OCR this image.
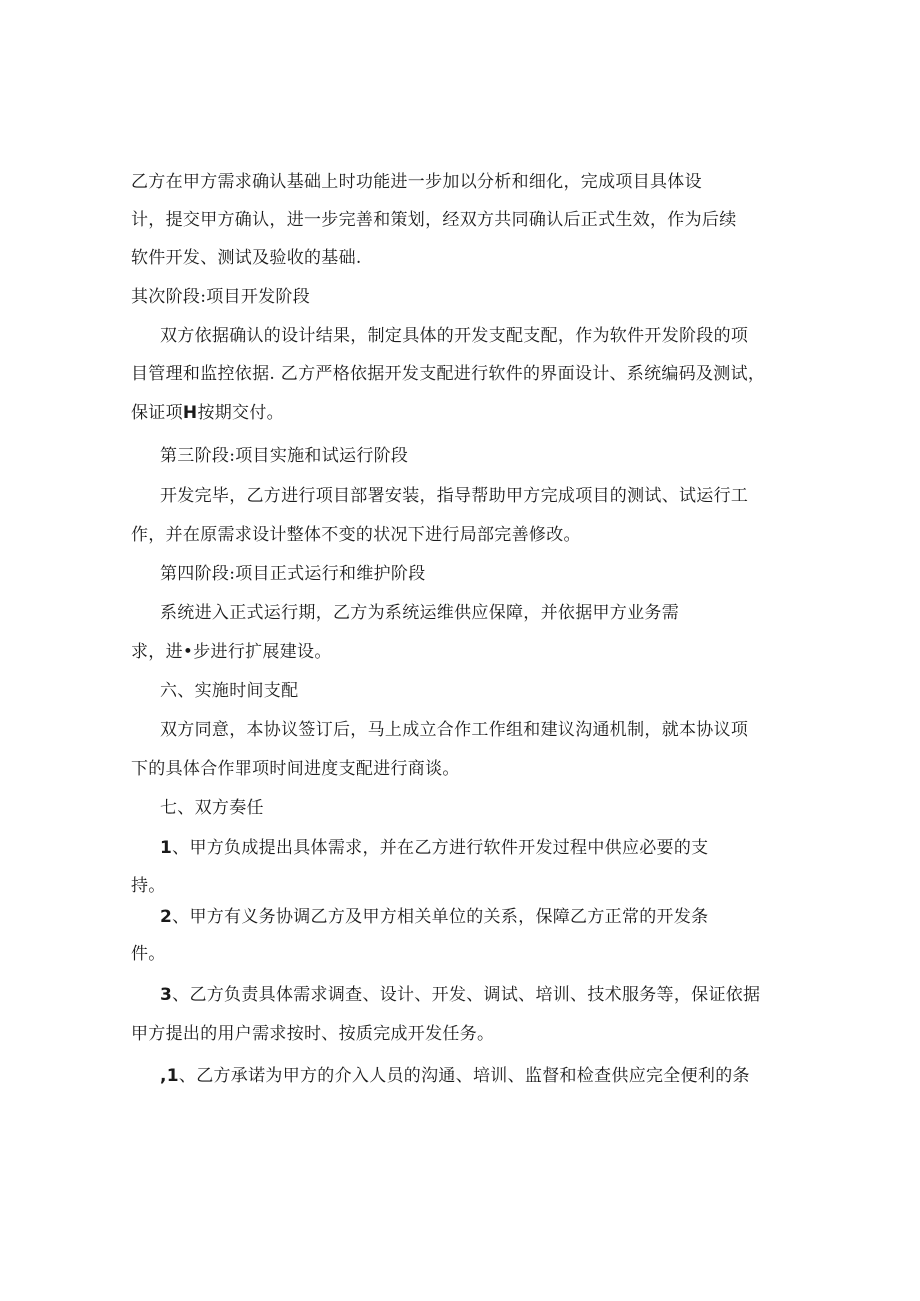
乙方在甲方需求确认基础上时功能进一步加以分析和细化，完成项目具体设
计，提交甲方确认，进一步完善和策划，经双方共同确认后正式生效，作为后续
软件开发、测试及验收的基础.
其次阶段:项目开发阶段
双方依据确认的设计结果，制定具体的开发支配支配，作为软件开发阶段的项
目管理和监控依据. 乙方严格依据开发支配进行软件的界面设计、系统编码及测试，
保证项H按期交付。
第三阶段:项目实施和试运行阶段
开发完毕，乙方进行项目部署安装，指导帮助甲方完成项目的测试、试运行工
作，并在原需求设计整体不变的状况下进行局部完善修改。
第四阶段:项目正式运行和维护阶段
系统进入正式运行期，乙方为系统运维供应保障，并依据甲方业务需
求，进•步进行扩展建设。
六、实施时间支配
双方同意，本协议签订后，马上成立合作工作组和建议沟通机制，就本协议项
下的具体合作罪项时间进度支配进行商谈。
七、双方奏任
1、甲方负成提出具体需求，并在乙方进行软件开发过程中供应必要的支
持。
2、甲方有义务协调乙方及甲方相关单位的关系，保障乙方正常的开发条
件。
3、乙方负责具体需求调查、设计、开发、调试、培训、技术服务等，保证依据
甲方提出的用户需求按时、按质完成开发任务。
,1、乙方承诺为甲方的介入人员的沟通、培训、监督和检查供应完全便利的条
